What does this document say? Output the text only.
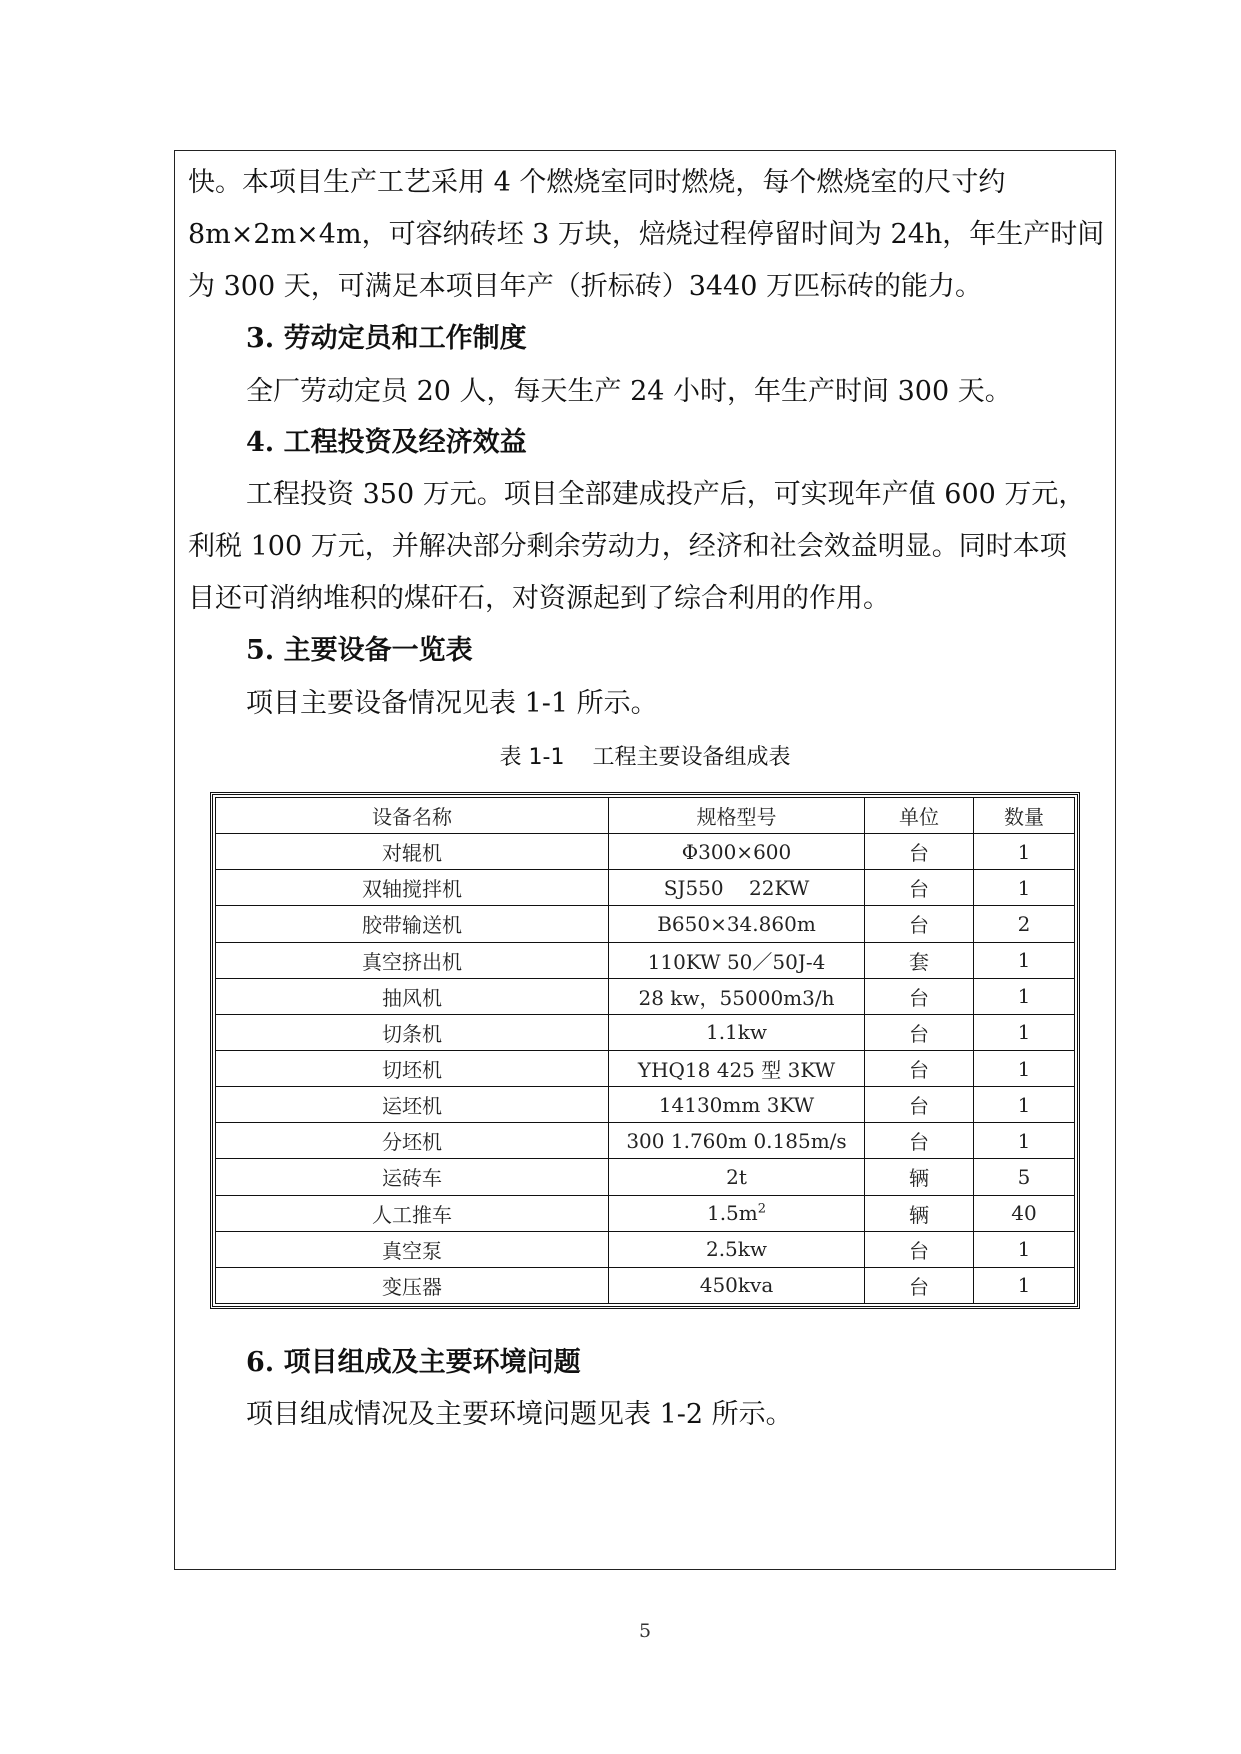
快。本项目生产工艺采用 4 个燃烧室同时燃烧，每个燃烧室的尺寸约
8m×2m×4m，可容纳砖坯 3 万块，焙烧过程停留时间为 24h，年生产时间
为 300 天，可满足本项目年产（折标砖）3440 万匹标砖的能力。
3. 劳动定员和工作制度
全厂劳动定员 20 人，每天生产 24 小时，年生产时间 300 天。
4. 工程投资及经济效益
工程投资 350 万元。项目全部建成投产后，可实现年产值 600 万元，
利税 100 万元，并解决部分剩余劳动力，经济和社会效益明显。同时本项
目还可消纳堆积的煤矸石，对资源起到了综合利用的作用。
5. 主要设备一览表
项目主要设备情况见表 1-1 所示。
表 1-1    工程主要设备组成表
设备名称	规格型号	单位	数量
对辊机	Φ300×600	台	1
双轴搅拌机	SJ550    22KW	台	1
胶带输送机	B650×34.860m	台	2
真空挤出机	110KW 50／50J-4	套	1
抽风机	28 kw，55000m3/h	台	1
切条机	1.1kw	台	1
切坯机	YHQ18 425 型 3KW	台	1
运坯机	14130mm 3KW	台	1
分坯机	300 1.760m 0.185m/s	台	1
运砖车	2t	辆	5
人工推车	$1.5m^2$	辆	40
真空泵	2.5kw	台	1
变压器	450kva	台	1
6. 项目组成及主要环境问题
项目组成情况及主要环境问题见表 1-2 所示。
5
